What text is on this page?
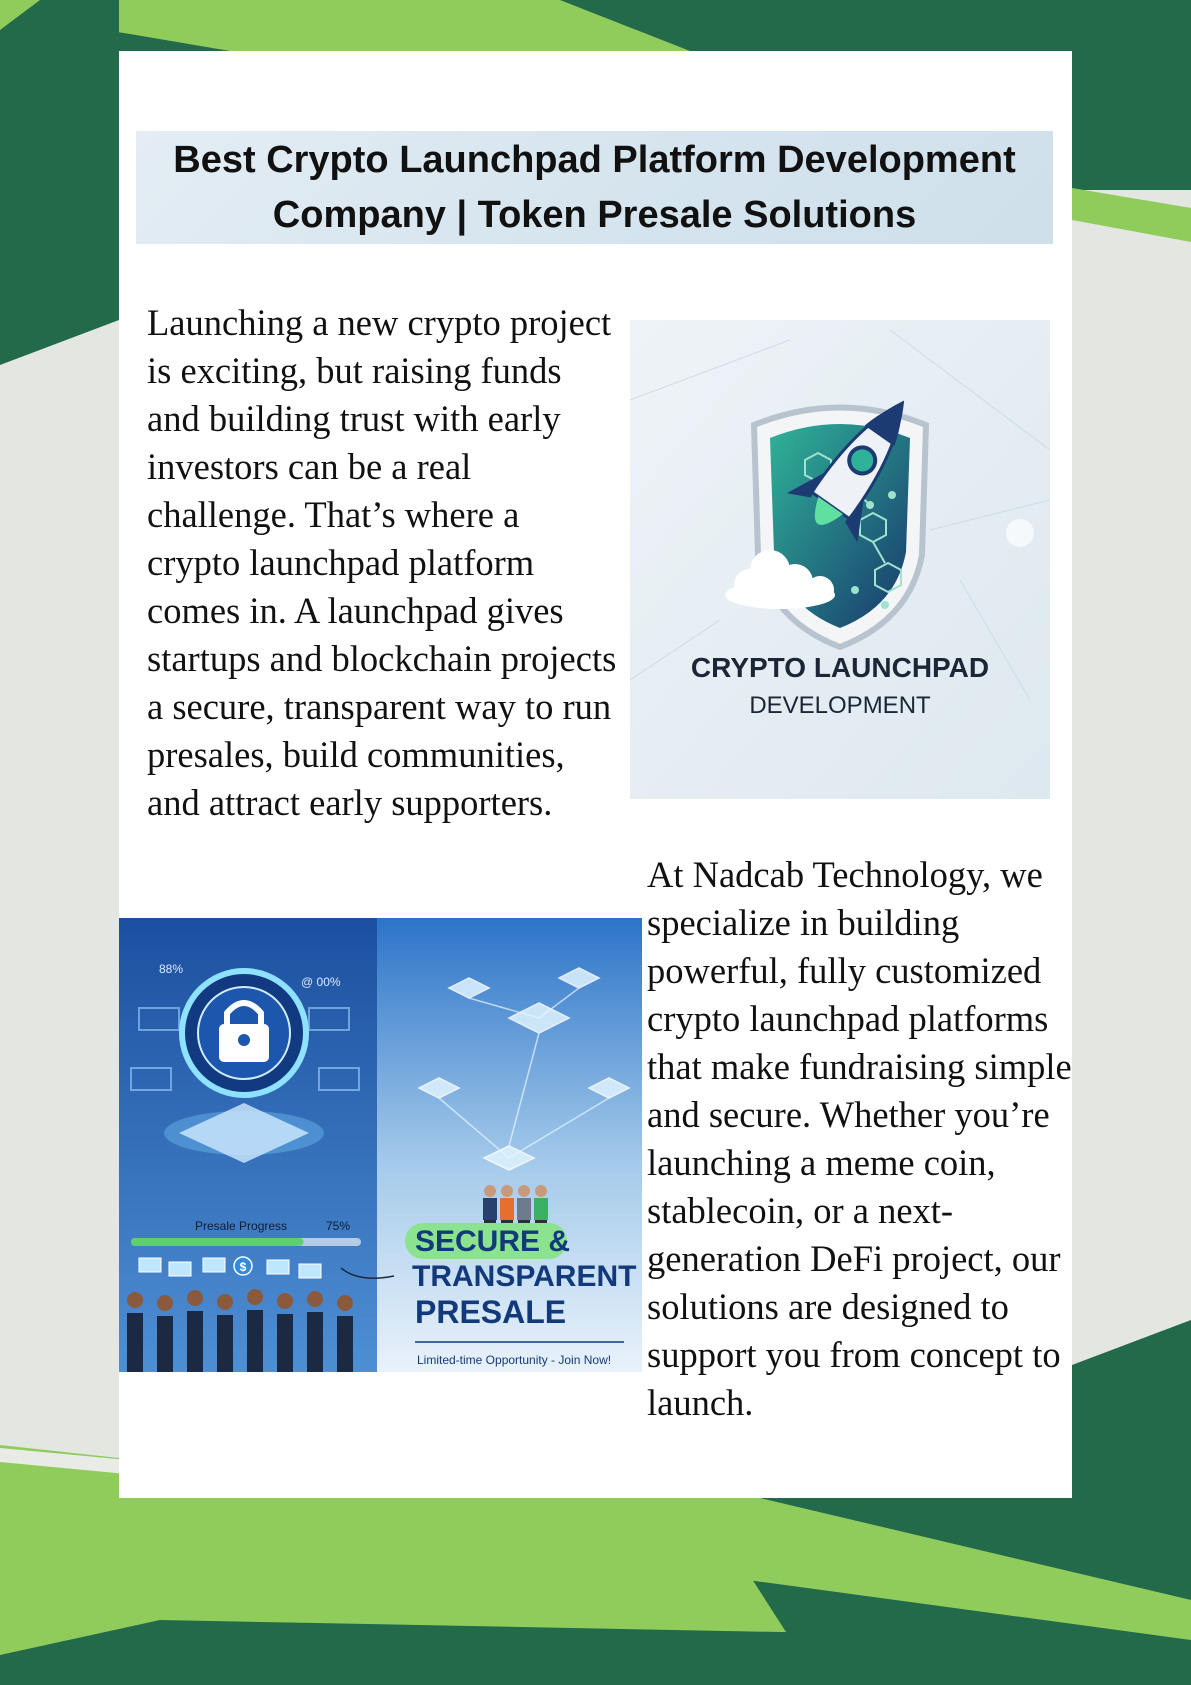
Best Crypto Launchpad Platform Development Company | Token Presale Solutions

Launching a new crypto project is exciting, but raising funds and building trust with early investors can be a real challenge. That’s where a crypto launchpad platform comes in. A launchpad gives startups and blockchain projects a secure, transparent way to run presales, build communities, and attract early supporters.

CRYPTO LAUNCHPAD
DEVELOPMENT
88%
@ 00%
Presale Progress	75%
$
SECURE &
TRANSPARENT
PRESALE
Limited-time Opportunity - Join Now!

At Nadcab Technology, we specialize in building powerful, fully customized crypto launchpad platforms that make fundraising simple and secure. Whether you’re launching a meme coin, stablecoin, or a next-generation DeFi project, our solutions are designed to support you from concept to launch.
